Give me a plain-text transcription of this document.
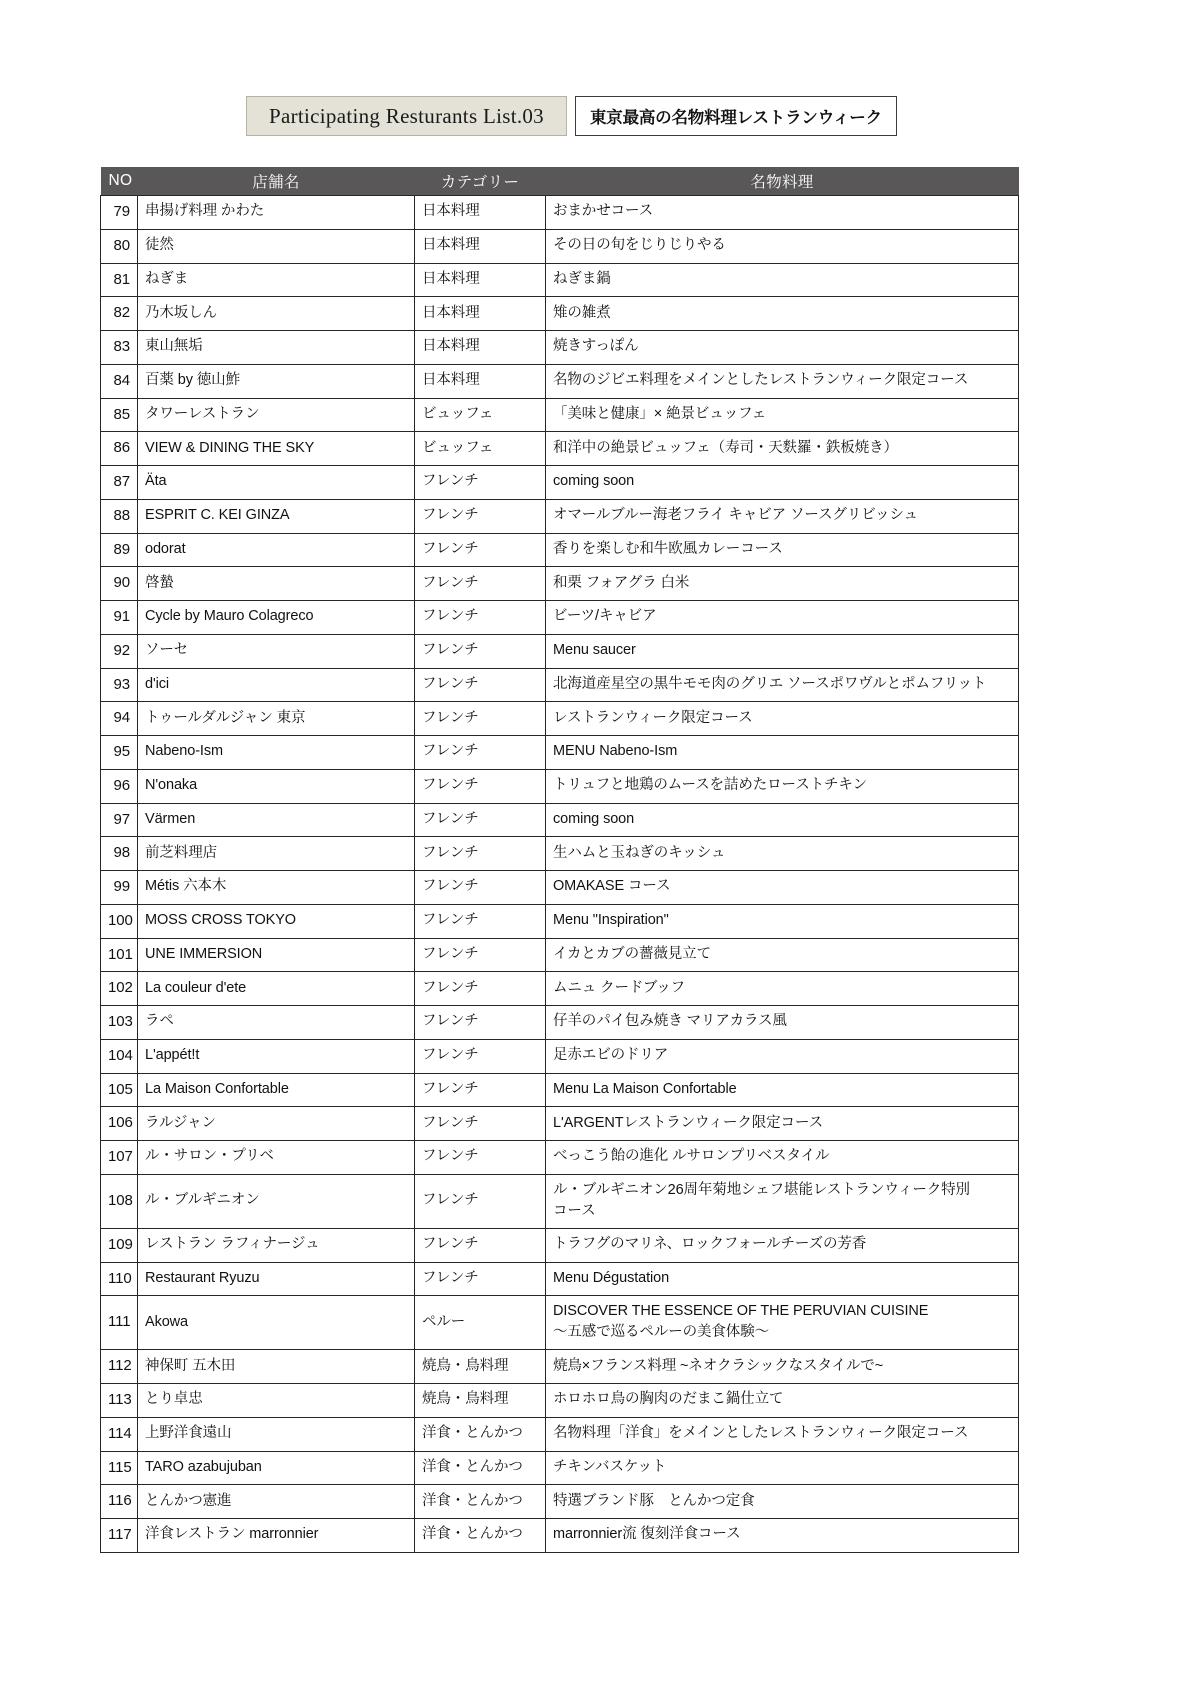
Participating Resturants List.03	東京最高の名物料理レストランウィーク
NO	店舗名	カテゴリー	名物料理
79	串揚げ料理 かわた	日本料理	おまかせコース
80	徒然	日本料理	その日の旬をじりじりやる
81	ねぎま	日本料理	ねぎま鍋
82	乃木坂しん	日本料理	雉の雑煮
83	東山無垢	日本料理	焼きすっぽん
84	百薬 by 徳山鮓	日本料理	名物のジビエ料理をメインとしたレストランウィーク限定コース
85	タワーレストラン	ビュッフェ	「美味と健康」× 絶景ビュッフェ
86	VIEW & DINING THE SKY	ビュッフェ	和洋中の絶景ビュッフェ（寿司・天麩羅・鉄板焼き）
87	Äta	フレンチ	coming soon
88	ESPRIT C. KEI GINZA	フレンチ	オマールブルー海老フライ キャビア ソースグリビッシュ
89	odorat	フレンチ	香りを楽しむ和牛欧風カレーコース
90	啓蟄	フレンチ	和栗 フォアグラ 白米
91	Cycle by Mauro Colagreco	フレンチ	ビーツ/キャビア
92	ソーセ	フレンチ	Menu saucer
93	d'ici	フレンチ	北海道産星空の黒牛モモ肉のグリエ ソースポワヴルとポムフリット
94	トゥールダルジャン 東京	フレンチ	レストランウィーク限定コース
95	Nabeno-Ism	フレンチ	MENU Nabeno-Ism
96	N'onaka	フレンチ	トリュフと地鶏のムースを詰めたローストチキン
97	Värmen	フレンチ	coming soon
98	前芝料理店	フレンチ	生ハムと玉ねぎのキッシュ
99	Métis 六本木	フレンチ	OMAKASE コース
100	MOSS CROSS TOKYO	フレンチ	Menu "Inspiration"
101	UNE IMMERSION	フレンチ	イカとカブの薔薇見立て
102	La couleur d'ete	フレンチ	ムニュ クードブッフ
103	ラペ	フレンチ	仔羊のパイ包み焼き マリアカラス風
104	L'appét!t	フレンチ	足赤エビのドリア
105	La Maison Confortable	フレンチ	Menu La Maison Confortable
106	ラルジャン	フレンチ	L'ARGENTレストランウィーク限定コース
107	ル・サロン・プリベ	フレンチ	べっこう飴の進化 ルサロンプリベスタイル
108	ル・ブルギニオン	フレンチ	ル・ブルギニオン26周年菊地シェフ堪能レストランウィーク特別
コース

109	レストラン ラフィナージュ	フレンチ	トラフグのマリネ、ロックフォールチーズの芳香
110	Restaurant Ryuzu	フレンチ	Menu Dégustation
111	Akowa	ペルー	DISCOVER THE ESSENCE OF THE PERUVIAN CUISINE
〜五感で巡るペルーの美食体験〜

112	神保町 五木田	焼鳥・鳥料理	焼鳥×フランス料理 ~ネオクラシックなスタイルで~
113	とり卓忠	焼鳥・鳥料理	ホロホロ鳥の胸肉のだまこ鍋仕立て
114	上野洋食遠山	洋食・とんかつ	名物料理「洋食」をメインとしたレストランウィーク限定コース
115	TARO azabujuban	洋食・とんかつ	チキンバスケット
116	とんかつ憲進	洋食・とんかつ	特選ブランド豚　とんかつ定食
117	洋食レストラン marronnier	洋食・とんかつ	marronnier流 復刻洋食コース
